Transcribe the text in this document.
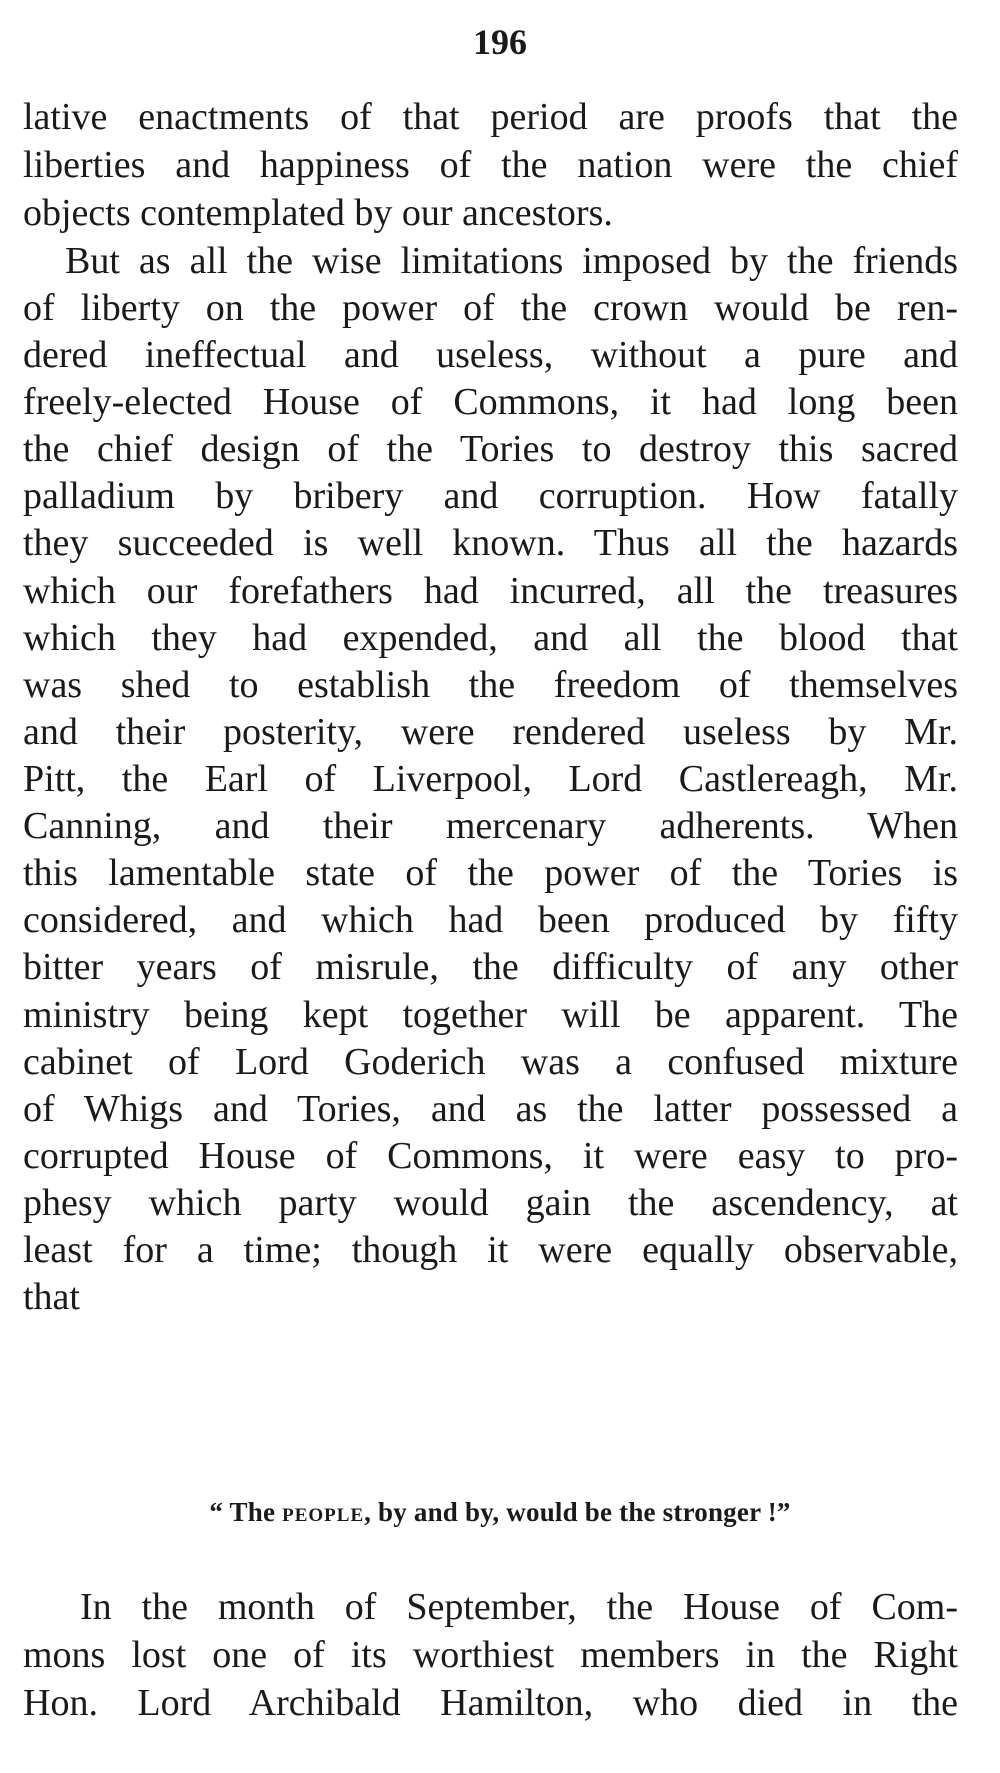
196
lative enactments of that period are proofs that the
liberties and happiness of the nation were the chief
objects contemplated by our ancestors.
But as all the wise limitations imposed by the friends
of liberty on the power of the crown would be ren-
dered ineffectual and useless, without a pure and
freely-elected House of Commons, it had long been
the chief design of the Tories to destroy this sacred
palladium by bribery and corruption. How fatally
they succeeded is well known. Thus all the hazards
which our forefathers had incurred, all the treasures
which they had expended, and all the blood that
was shed to establish the freedom of themselves
and their posterity, were rendered useless by Mr.
Pitt, the Earl of Liverpool, Lord Castlereagh, Mr.
Canning, and their mercenary adherents. When
this lamentable state of the power of the Tories is
considered, and which had been produced by fifty
bitter years of misrule, the difficulty of any other
ministry being kept together will be apparent. The
cabinet of Lord Goderich was a confused mixture
of Whigs and Tories, and as the latter possessed a
corrupted House of Commons, it were easy to pro-
phesy which party would gain the ascendency, at
least for a time; though it were equally observable,
that
“ The people, by and by, would be the stronger !”
In the month of September, the House of Com-
mons lost one of its worthiest members in the Right
Hon. Lord Archibald Hamilton, who died in the
